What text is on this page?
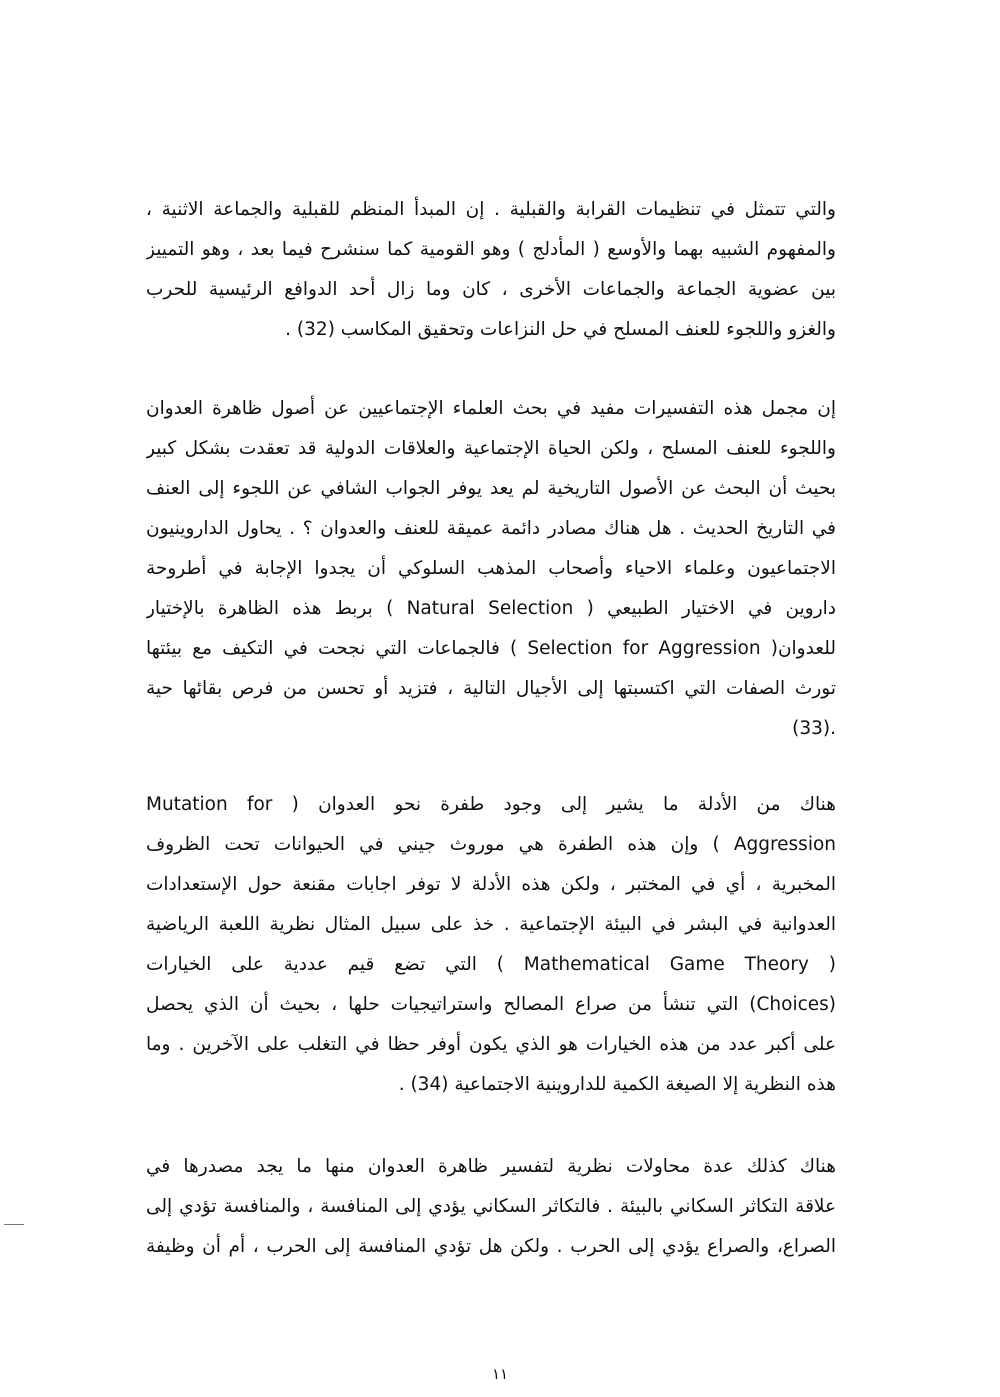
والتي تتمثل في تنظيمات القرابة والقبلية . إن المبدأ المنظم للقبلية والجماعة الاثنية ،
والمفهوم الشبيه بهما والأوسع ( المأدلج ) وهو القومية كما سنشرح فيما بعد ، وهو التمييز
بين عضوية الجماعة والجماعات الأخرى ، كان وما زال أحد الدوافع الرئيسية للحرب
والغزو واللجوء للعنف المسلح في حل النزاعات وتحقيق المكاسب (32) .
إن مجمل هذه التفسيرات مفيد في بحث العلماء الإجتماعيين عن أصول ظاهرة العدوان
واللجوء للعنف المسلح ، ولكن الحياة الإجتماعية والعلاقات الدولية قد تعقدت بشكل كبير
بحيث أن البحث عن الأصول التاريخية لم يعد يوفر الجواب الشافي عن اللجوء إلى العنف
في التاريخ الحديث . هل هناك مصادر دائمة عميقة للعنف والعدوان ؟ . يحاول الداروينيون
الاجتماعيون وعلماء الاحياء وأصحاب المذهب السلوكي أن يجدوا الإجابة في أطروحة
داروين في الاختيار الطبيعي ( Natural Selection ) بربط هذه الظاهرة بالإختيار
للعدوان( Selection for Aggression ) فالجماعات التي نجحت في التكيف مع بيئتها
تورث الصفات التي اكتسبتها إلى الأجيال التالية ، فتزيد أو تحسن من فرص بقائها حية
.(33)
هناك من الأدلة ما يشير إلى وجود طفرة نحو العدوان ( Mutation for
Aggression ) وإن هذه الطفرة هي موروث جيني في الحيوانات تحت الظروف
المخبرية ، أي في المختبر ، ولكن هذه الأدلة لا توفر اجابات مقنعة حول الإستعدادات
العدوانية في البشر في البيئة الإجتماعية . خذ على سبيل المثال نظرية اللعبة الرياضية
( Mathematical Game Theory ) التي تضع قيم عددية على الخيارات
(Choices) التي تنشأ من صراع المصالح واستراتيجيات حلها ، بحيث أن الذي يحصل
على أكبر عدد من هذه الخيارات هو الذي يكون أوفر حظا في التغلب على الآخرين . وما
هذه النظرية إلا الصيغة الكمية للداروينية الاجتماعية (34) .
هناك كذلك عدة محاولات نظرية لتفسير ظاهرة العدوان منها ما يجد مصدرها في
علاقة التكاثر السكاني بالبيئة . فالتكاثر السكاني يؤدي إلى المنافسة ، والمنافسة تؤدي إلى
الصراع، والصراع يؤدي إلى الحرب . ولكن هل تؤدي المنافسة إلى الحرب ، أم أن وظيفة
١١
